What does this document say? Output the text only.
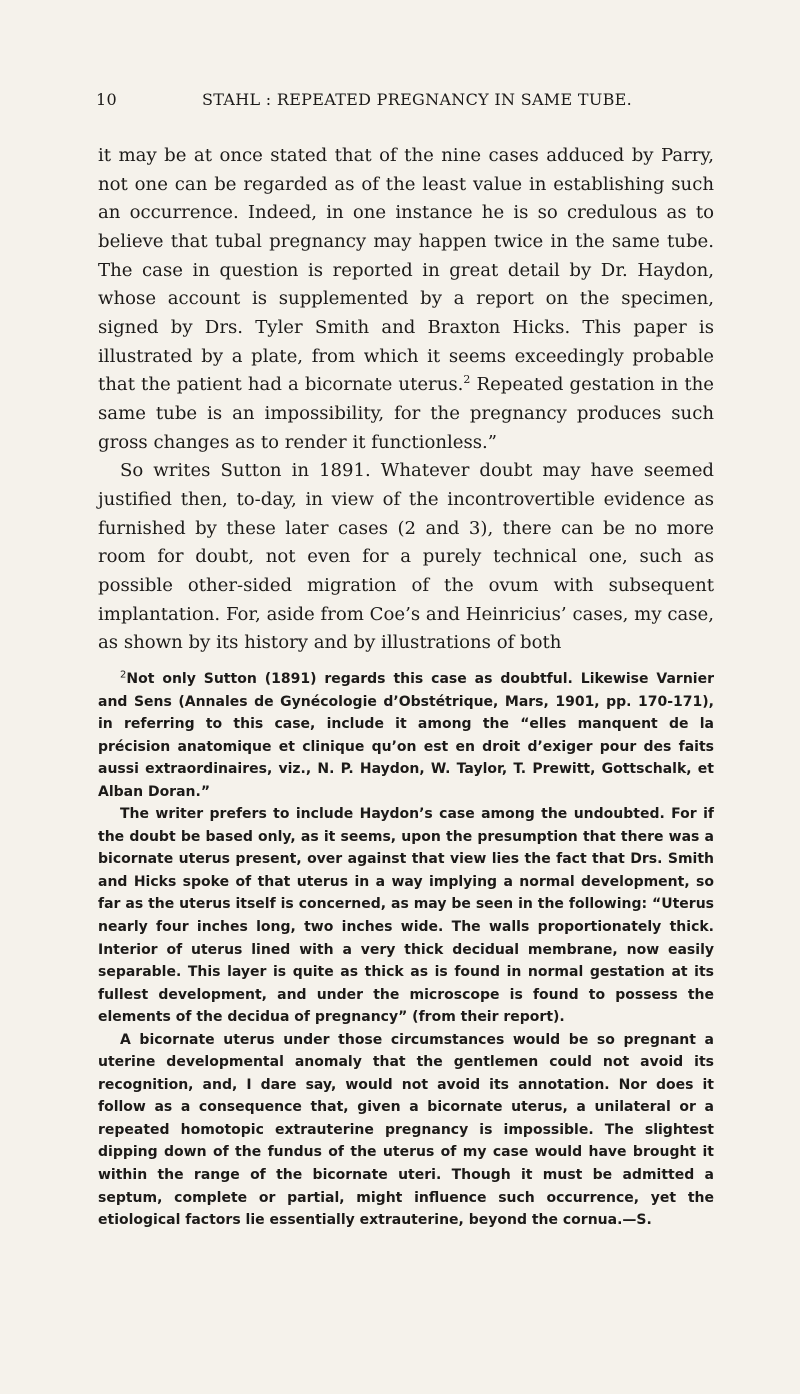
10	STAHL : REPEATED PREGNANCY IN SAME TUBE.

it may be at once stated that of the nine cases adduced by Parry, not one can be regarded as of the least value in establishing such an occurrence. Indeed, in one instance he is so credulous as to believe that tubal pregnancy may happen twice in the same tube. The case in question is reported in great detail by Dr. Haydon, whose account is supplemented by a report on the specimen, signed by Drs. Tyler Smith and Braxton Hicks. This paper is illustrated by a plate, from which it seems exceedingly probable that the patient had a bicornate uterus.$^2$ Repeated gestation in the same tube is an impossibility, for the pregnancy produces such gross changes as to render it functionless.”

So writes Sutton in 1891. Whatever doubt may have seemed justified then, to-day, in view of the incontrovertible evidence as furnished by these later cases (2 and 3), there can be no more room for doubt, not even for a purely technical one, such as possible other-sided migration of the ovum with subsequent implantation. For, aside from Coe’s and Heinricius’ cases, my case, as shown by its history and by illustrations of both

$^2$Not only Sutton (1891) regards this case as doubtful. Likewise Varnier and Sens (Annales de Gynécologie d’Obstétrique, Mars, 1901, pp. 170-171), in referring to this case, include it among the “elles manquent de la précision anatomique et clinique qu’on est en droit d’exiger pour des faits aussi extraordinaires, viz., N. P. Haydon, W. Taylor, T. Prewitt, Gottschalk, et Alban Doran.”

The writer prefers to include Haydon’s case among the undoubted. For if the doubt be based only, as it seems, upon the presumption that there was a bicornate uterus present, over against that view lies the fact that Drs. Smith and Hicks spoke of that uterus in a way implying a normal development, so far as the uterus itself is concerned, as may be seen in the following: “Uterus nearly four inches long, two inches wide. The walls proportionately thick. Interior of uterus lined with a very thick decidual membrane, now easily separable. This layer is quite as thick as is found in normal gestation at its fullest development, and under the microscope is found to possess the elements of the decidua of pregnancy” (from their report).

A bicornate uterus under those circumstances would be so pregnant a uterine developmental anomaly that the gentlemen could not avoid its recognition, and, I dare say, would not avoid its annotation. Nor does it follow as a consequence that, given a bicornate uterus, a unilateral or a repeated homotopic extrauterine pregnancy is impossible. The slightest dipping down of the fundus of the uterus of my case would have brought it within the range of the bicornate uteri. Though it must be admitted a septum, complete or partial, might influence such occurrence, yet the etiological factors lie essentially extrauterine, beyond the cornua.—S.
